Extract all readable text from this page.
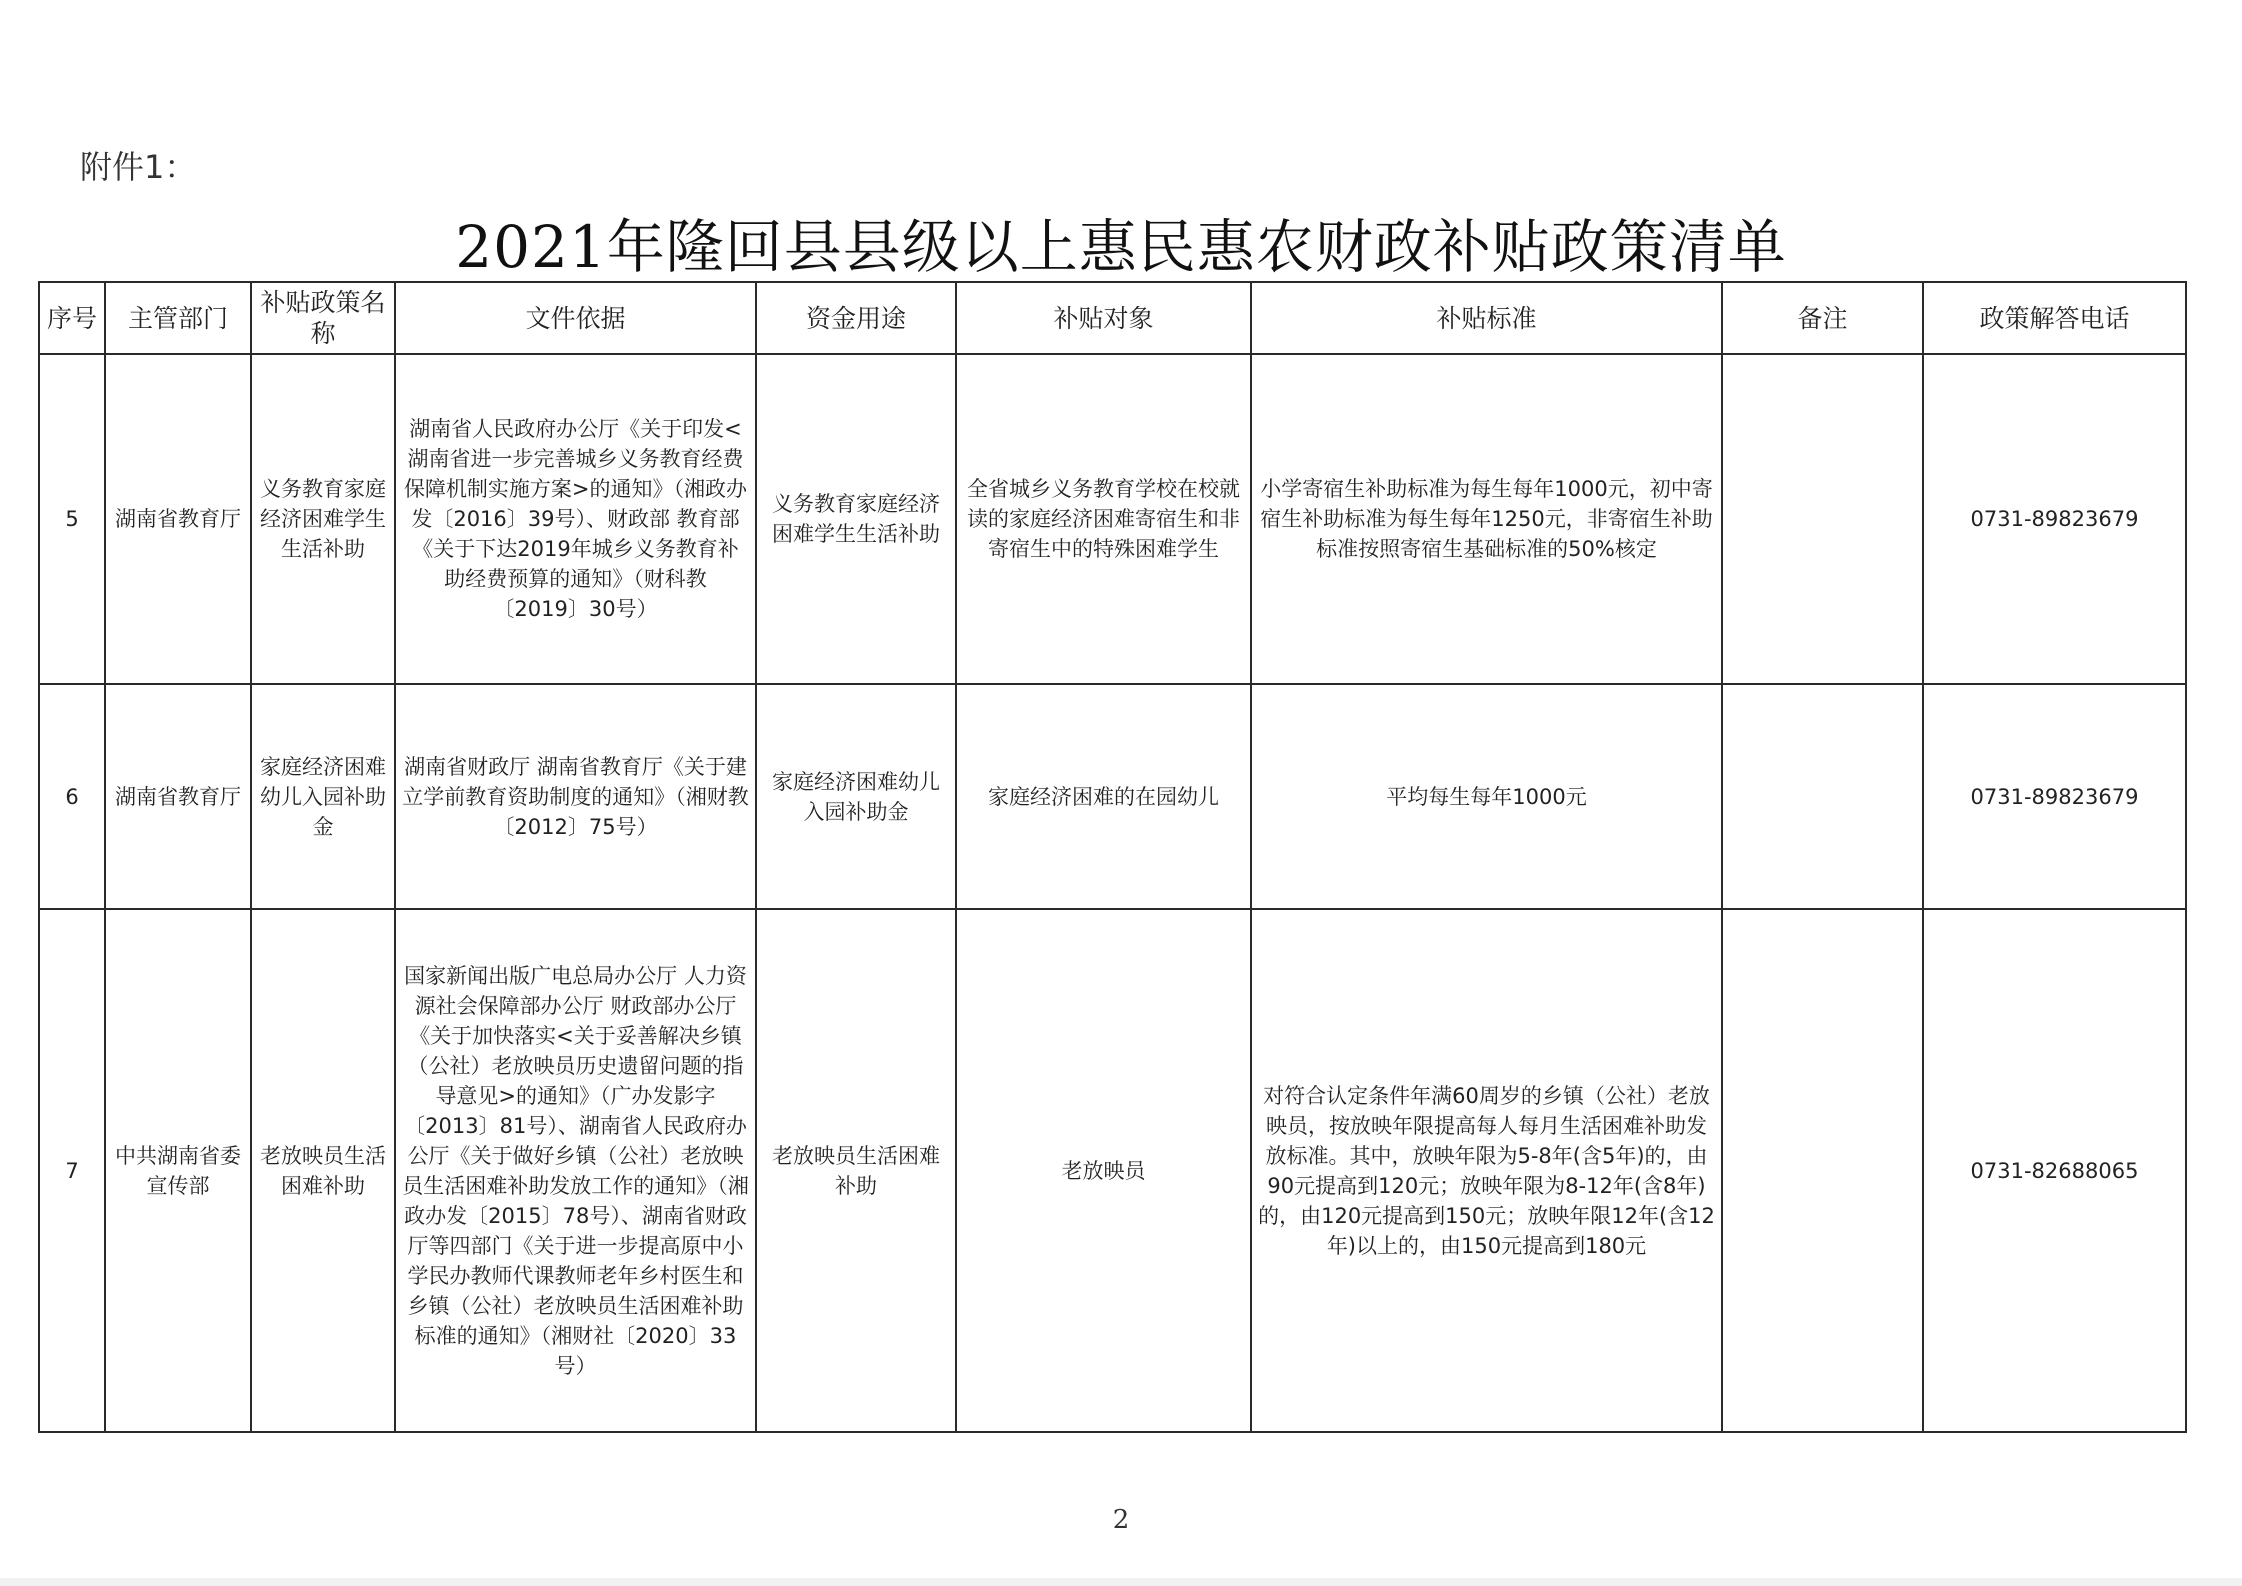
附件1：
2021年隆回县县级以上惠民惠农财政补贴政策清单
序号	主管部门	补贴政策名称	文件依据	资金用途	补贴对象	补贴标准	备注	政策解答电话
5	湖南省教育厅	义务教育家庭经济困难学生生活补助	湖南省人民政府办公厅《关于印发<湖南省进一步完善城乡义务教育经费保障机制实施方案>的通知》（湘政办发〔2016〕39号）、财政部 教育部《关于下达2019年城乡义务教育补助经费预算的通知》（财科教〔2019〕30号）	义务教育家庭经济困难学生生活补助	全省城乡义务教育学校在校就读的家庭经济困难寄宿生和非寄宿生中的特殊困难学生	小学寄宿生补助标准为每生每年1000元，初中寄宿生补助标准为每生每年1250元，非寄宿生补助标准按照寄宿生基础标准的50%核定		0731-89823679
6	湖南省教育厅	家庭经济困难幼儿入园补助金	湖南省财政厅 湖南省教育厅《关于建立学前教育资助制度的通知》（湘财教〔2012〕75号）	家庭经济困难幼儿入园补助金	家庭经济困难的在园幼儿	平均每生每年1000元		0731-89823679
7	中共湖南省委宣传部	老放映员生活困难补助	国家新闻出版广电总局办公厅 人力资源社会保障部办公厅 财政部办公厅《关于加快落实<关于妥善解决乡镇（公社）老放映员历史遗留问题的指导意见>的通知》（广办发影字〔2013〕81号）、湖南省人民政府办公厅《关于做好乡镇（公社）老放映员生活困难补助发放工作的通知》（湘政办发〔2015〕78号）、湖南省财政厅等四部门《关于进一步提高原中小学民办教师代课教师老年乡村医生和乡镇（公社）老放映员生活困难补助标准的通知》（湘财社〔2020〕33号）	老放映员生活困难补助	老放映员	对符合认定条件年满60周岁的乡镇（公社）老放映员，按放映年限提高每人每月生活困难补助发放标准。其中，放映年限为5-8年(含5年)的，由90元提高到120元；放映年限为8-12年(含8年)的，由120元提高到150元；放映年限12年(含12年)以上的，由150元提高到180元		0731-82688065
2
